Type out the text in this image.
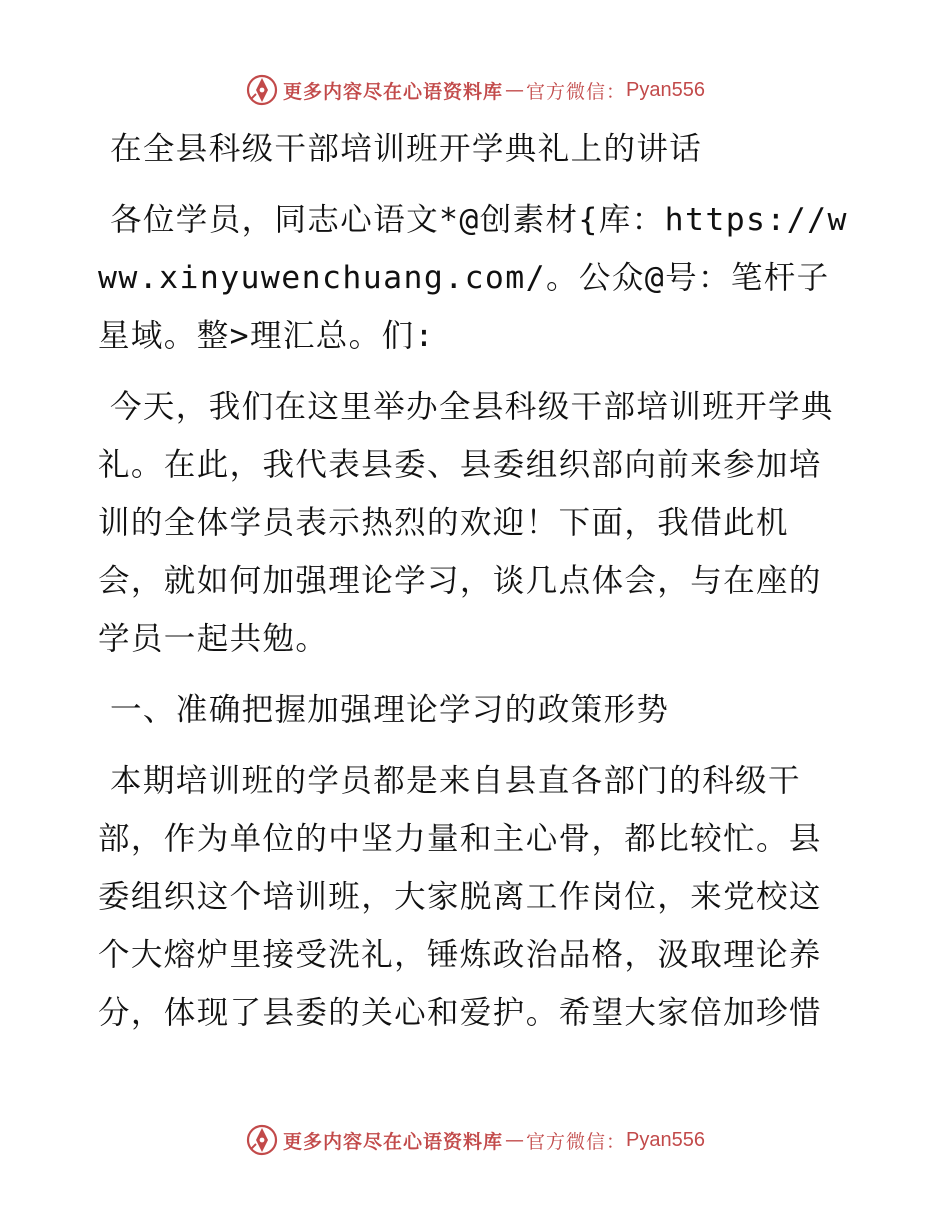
更多内容尽在心语资料库 — 官方微信： Pyan556

在全县科级干部培训班开学典礼上的讲话

各位学员，同志心语文*@创素材{库：https://www.xinyuwenchuang.com/。公众@号：笔杆子星域。整>理汇总。们:

今天，我们在这里举办全县科级干部培训班开学典礼。在此，我代表县委、县委组织部向前来参加培训的全体学员表示热烈的欢迎！下面，我借此机会，就如何加强理论学习，谈几点体会，与在座的学员一起共勉。

一、准确把握加强理论学习的政策形势

本期培训班的学员都是来自县直各部门的科级干部，作为单位的中坚力量和主心骨，都比较忙。县委组织这个培训班，大家脱离工作岗位，来党校这个大熔炉里接受洗礼，锤炼政治品格，汲取理论养分，体现了县委的关心和爱护。希望大家倍加珍惜

更多内容尽在心语资料库 — 官方微信： Pyan556
